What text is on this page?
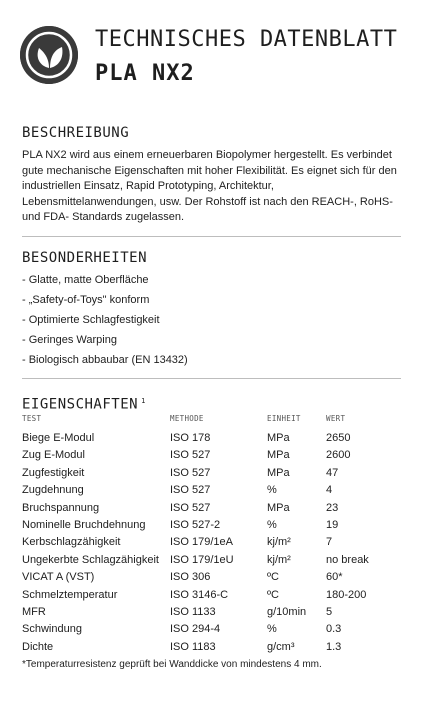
TECHNISCHES DATENBLATT
PLA NX2
BESCHREIBUNG
PLA NX2 wird aus einem erneuerbaren Biopolymer hergestellt. Es verbindet gute mechanische Eigenschaften mit hoher Flexibilität. Es eignet sich für den industriellen Einsatz, Rapid Prototyping, Architektur, Lebensmittelanwendungen, usw. Der Rohstoff ist nach den REACH-, RoHS- und FDA- Standards zugelassen.
BESONDERHEITEN
- Glatte, matte Oberfläche
- „Safety-of-Toys" konform
- Optimierte Schlagfestigkeit
- Geringes Warping
- Biologisch abbaubar (EN 13432)
EIGENSCHAFTEN $^1$
TEST	METHODE	EINHEIT	WERT
Biege E-Modul	ISO 178	MPa	2650
Zug E-Modul	ISO 527	MPa	2600
Zugfestigkeit	ISO 527	MPa	47
Zugdehnung	ISO 527	%	4
Bruchspannung	ISO 527	MPa	23
Nominelle Bruchdehnung	ISO 527-2	%	19
Kerbschlagzähigkeit	ISO 179/1eA	kj/m²	7
Ungekerbte Schlagzähigkeit	ISO 179/1eU	kj/m²	no break
VICAT A (VST)	ISO 306	ºC	60*
Schmelztemperatur	ISO 3146-C	ºC	180-200
MFR	ISO 1133	g/10min	5
Schwindung	ISO 294-4	%	0.3
Dichte	ISO 1183	g/cm³	1.3
*Temperaturresistenz geprüft bei Wanddicke von mindestens 4 mm.
